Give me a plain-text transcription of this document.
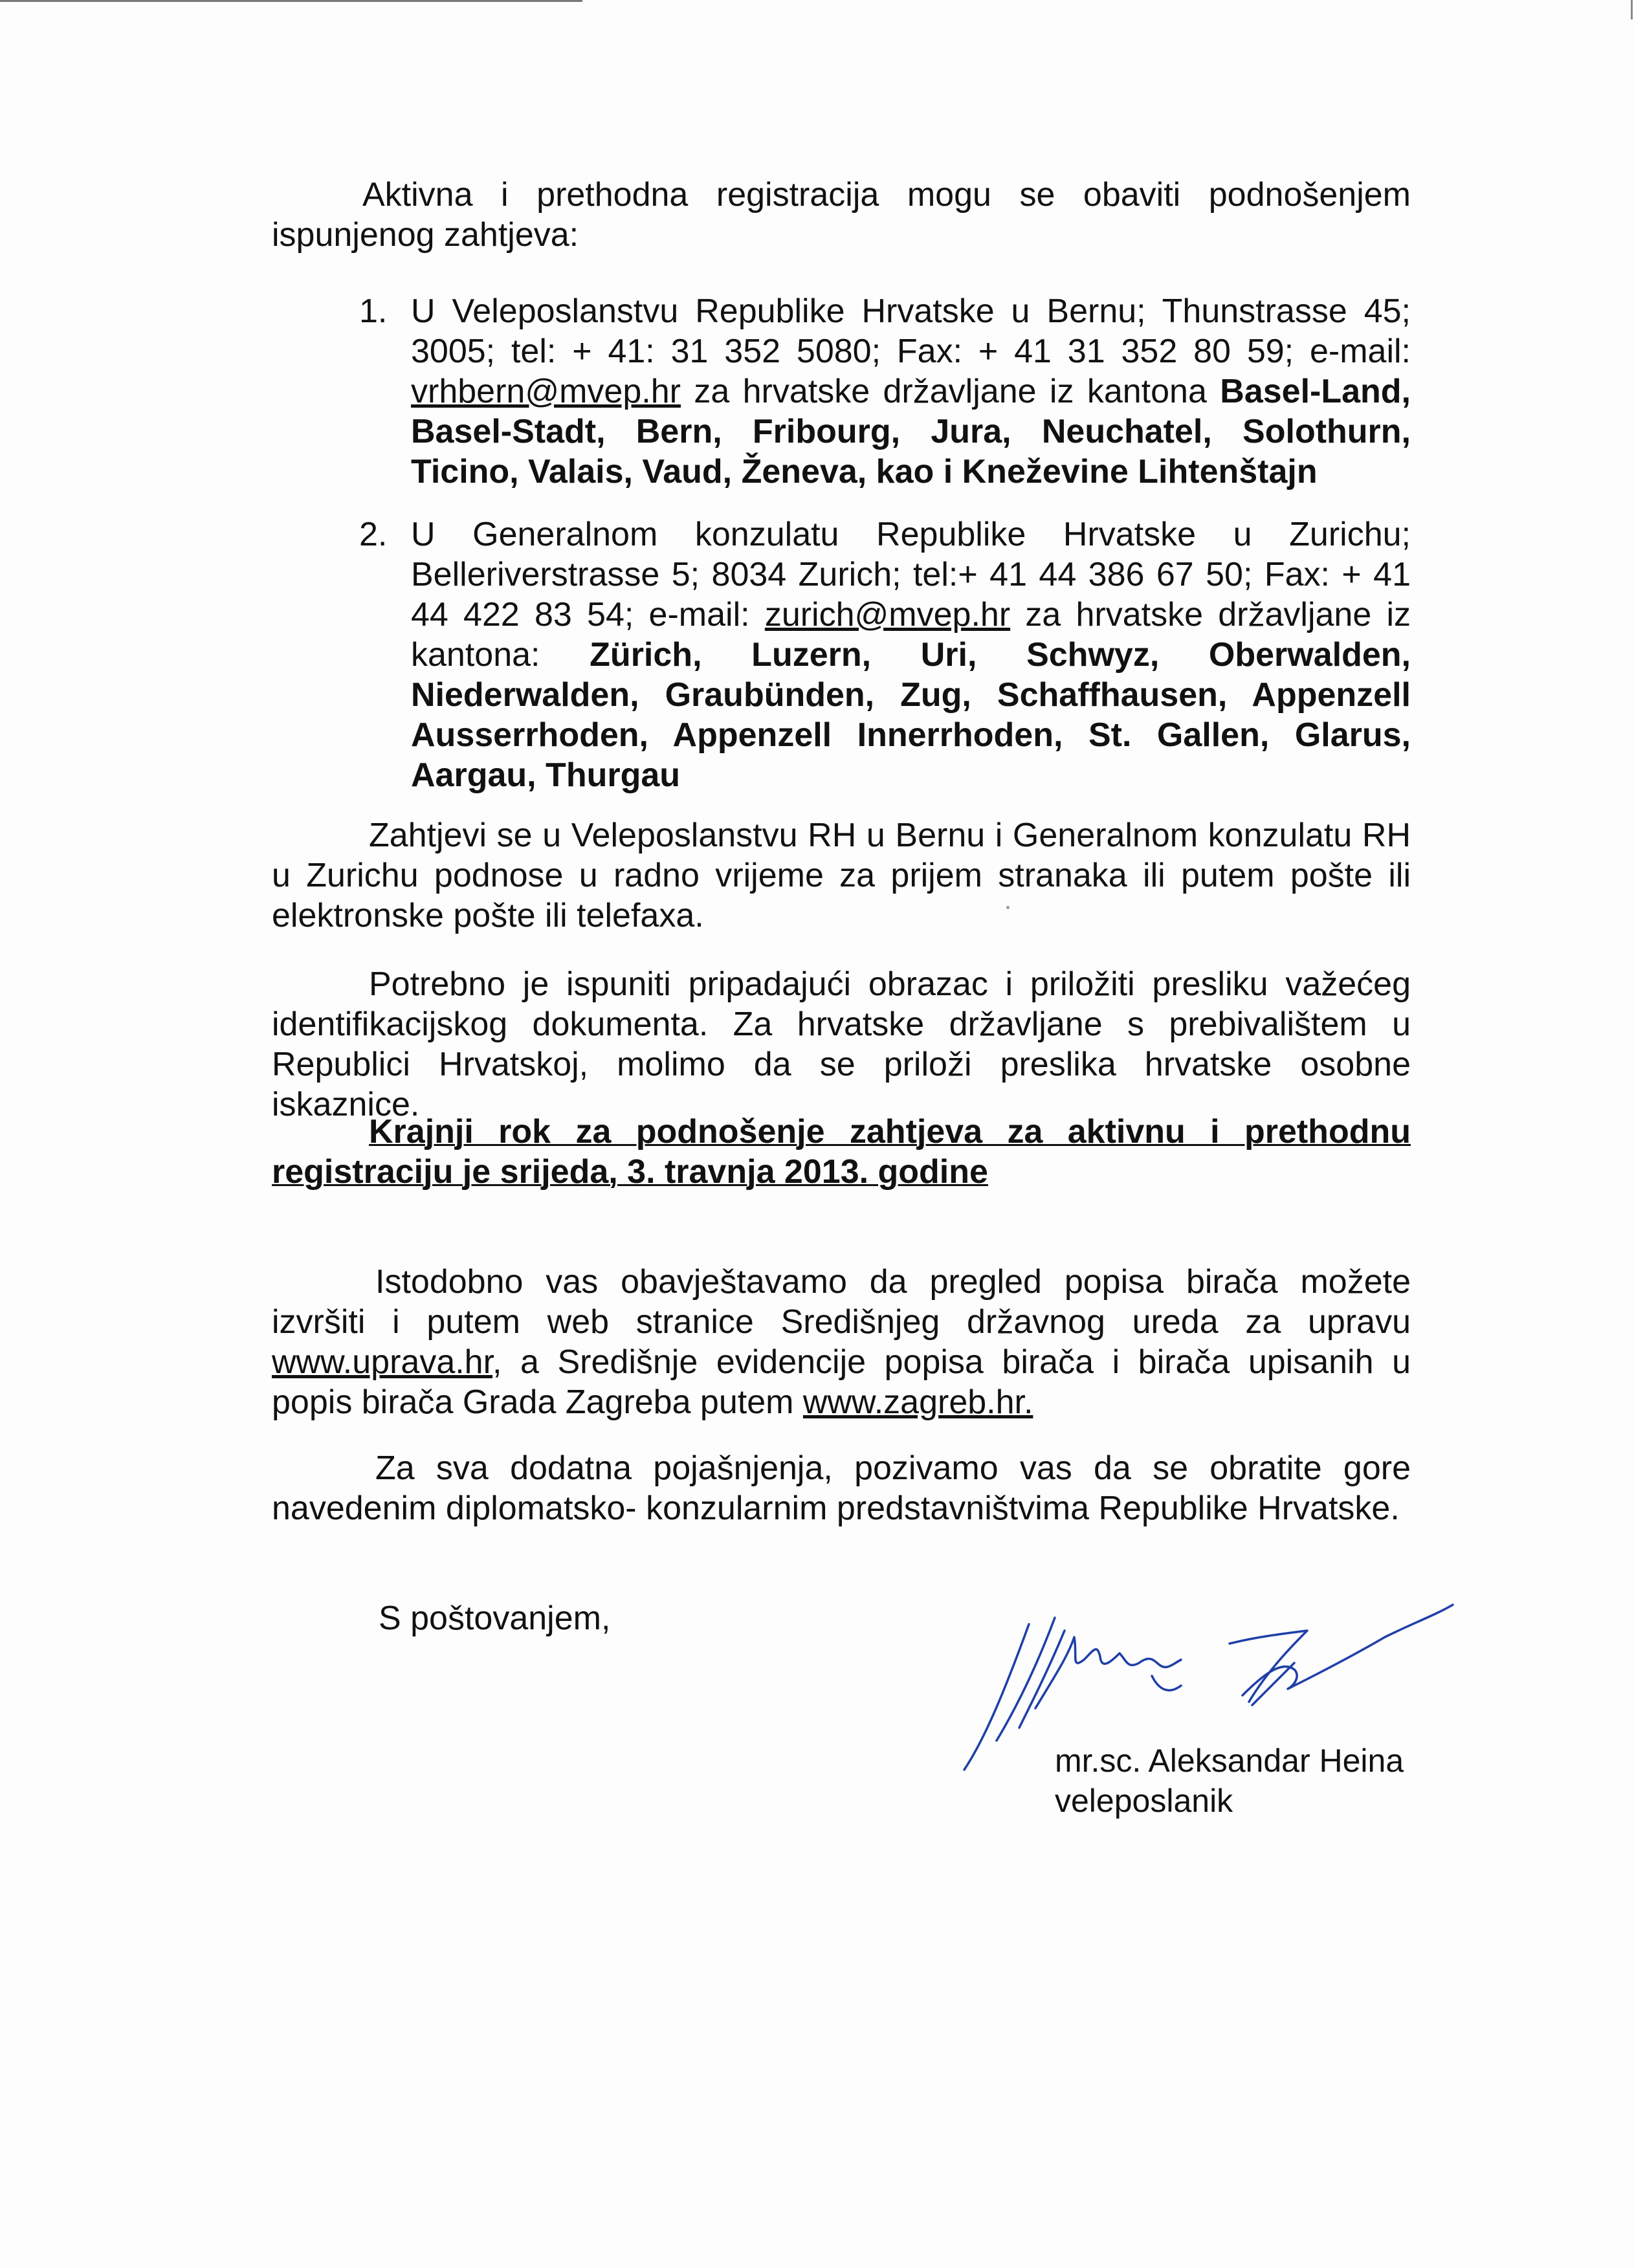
Aktivna i prethodna registracija mogu se obaviti podnošenjem ispunjenog zahtjeva:

1. U Veleposlanstvu Republike Hrvatske u Bernu; Thunstrasse 45; 3005; tel: + 41: 31 352 5080; Fax: + 41 31 352 80 59; e-mail: vrhbern@mvep.hr za hrvatske državljane iz kantona Basel-Land, Basel-Stadt, Bern, Fribourg, Jura, Neuchatel, Solothurn, Ticino, Valais, Vaud, Ženeva, kao i Kneževine Lihtenštajn
2. U Generalnom konzulatu Republike Hrvatske u Zurichu; Belleriverstrasse 5; 8034 Zurich; tel:+ 41 44 386 67 50; Fax: + 41 44 422 83 54; e-mail: zurich@mvep.hr za hrvatske državljane iz kantona: Zürich, Luzern, Uri, Schwyz, Oberwalden, Niederwalden, Graubünden, Zug, Schaffhausen, Appenzell Ausserrhoden, Appenzell Innerrhoden, St. Gallen, Glarus, Aargau, Thurgau

Zahtjevi se u Veleposlanstvu RH u Bernu i Generalnom konzulatu RH u Zurichu podnose u radno vrijeme za prijem stranaka ili putem pošte ili elektronske pošte ili telefaxa.

Potrebno je ispuniti pripadajući obrazac i priložiti presliku važećeg identifikacijskog dokumenta. Za hrvatske državljane s prebivalištem u Republici Hrvatskoj, molimo da se priloži preslika hrvatske osobne iskaznice.

Krajnji rok za podnošenje zahtjeva za aktivnu i prethodnu registraciju je srijeda, 3. travnja 2013. godine

Istodobno vas obavještavamo da pregled popisa birača možete izvršiti i putem web stranice Središnjeg državnog ureda za upravu www.uprava.hr, a Središnje evidencije popisa birača i birača upisanih u popis birača Grada Zagreba putem www.zagreb.hr.

Za sva dodatna pojašnjenja, pozivamo vas da se obratite gore navedenim diplomatsko- konzularnim predstavništvima Republike Hrvatske.

S poštovanjem,
mr.sc. Aleksandar Heina
veleposlanik
